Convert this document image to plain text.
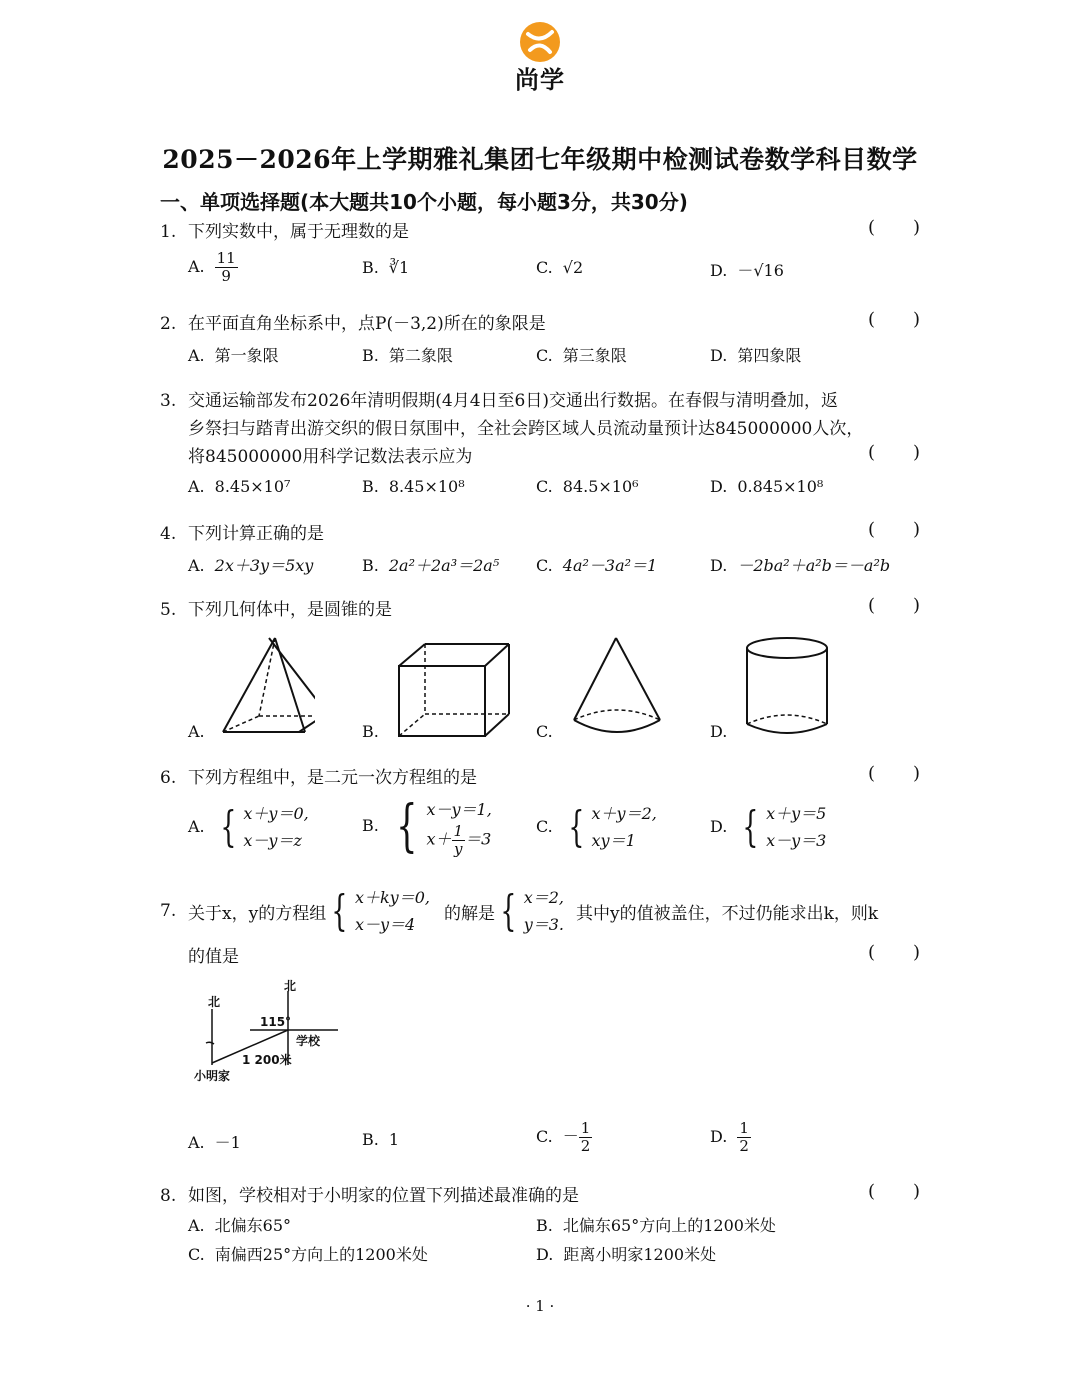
尚学
2025－2026年上学期雅礼集团七年级期中检测试卷数学科目数学
一、单项选择题(本大题共10个小题，每小题3分，共30分)
1. 下列实数中，属于无理数的是	( )
A. $\frac{11}{9}$	B. ∛1	C. √2	D. －√16
2. 在平面直角坐标系中，点P(－3,2)所在的象限是	( )
A. 第一象限	B. 第二象限	C. 第三象限	D. 第四象限
3. 交通运输部发布2026年清明假期(4月4日至6日)交通出行数据。在春假与清明叠加，返
乡祭扫与踏青出游交织的假日氛围中，全社会跨区域人员流动量预计达845000000人次，
将845000000用科学记数法表示应为	( )
A. 8.45×10⁷	B. 8.45×10⁸	C. 84.5×10⁶	D. 0.845×10⁸
4. 下列计算正确的是	( )
A. 2x＋3y＝5xy	B. 2a²＋2a³＝2a⁵ C. 4a²－3a²＝1	D. －2ba²＋a²b＝－a²b
5. 下列几何体中，是圆锥的是	( )
A.	B.	C.	D.
6. 下列方程组中，是二元一次方程组的是	( )
A. { x＋y＝0,
x－y＝z
B. { x－y＝1,
$x+ \frac{1}{y} =3$
C. { x＋y＝2,
xy＝1
D. { x＋y＝5
x－y＝3
7. 关于x，y的方程组 { x＋ky＝0,
x－y＝4
的解是 { x＝2,
y＝3.
其中y的值被盖住，不过仍能求出k，则k
的值是	( )
北
北
115°
学校
1 200米
小明家
A. －1	B. 1	C. － $\frac{1}{2}$	D. $\frac{1}{2}$
8. 如图，学校相对于小明家的位置下列描述最准确的是	( )
A. 北偏东65°	B. 北偏东65°方向上的1200米处
C. 南偏西25°方向上的1200米处	D. 距离小明家1200米处
· 1 ·
